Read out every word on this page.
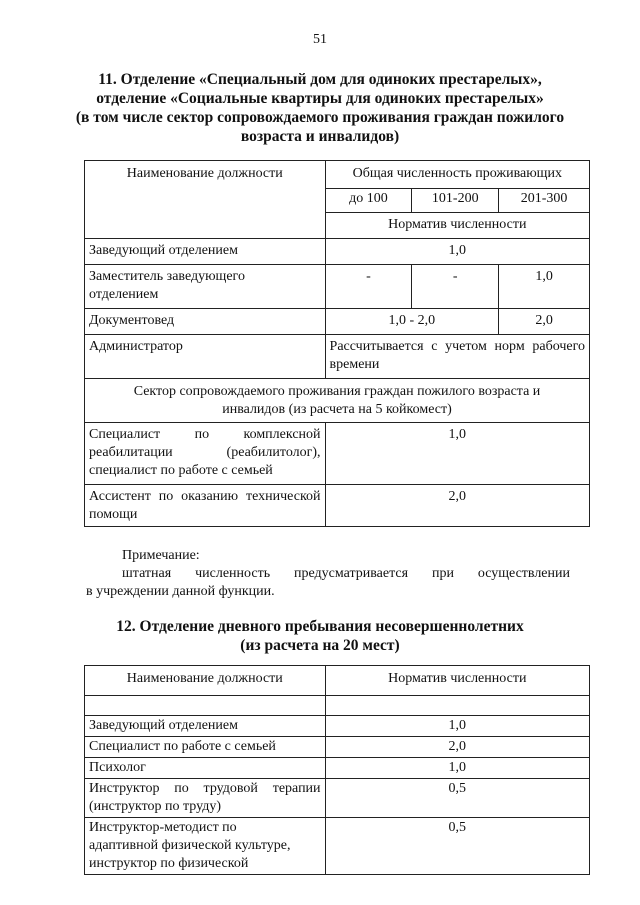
51
11. Отделение «Специальный дом для одиноких престарелых»,
отделение «Социальные квартиры для одиноких престарелых»
(в том числе сектор сопровождаемого проживания граждан пожилого
возраста и инвалидов)
Наименование должности	Общая численность проживающих		
	до 100	101-200	201-300
	Норматив численности		
Заведующий отделением	1,0		

Заместитель заведующего
отделением	-	-	1,0
Документовед	1,0 - 2,0		2,0
Администратор	Рассчитывается с учетом норм рабочего
времени		

Сектор сопровождаемого проживания граждан пожилого возраста и
инвалидов (из расчета на 5 койкомест)			

Специалист по комплексной
реабилитации (реабилитолог),
специалист по работе с семьей	1,0		

Ассистент по оказанию технической
помощи	2,0		
Примечание:
штатная численность предусматривается при осуществлении
в учреждении данной функции.
12. Отделение дневного пребывания несовершеннолетних
(из расчета на 20 мест)
Наименование должности	Норматив численности

Заведующий отделением	1,0

Специалист по работе с семьей	2,0

Психолог	1,0

Инструктор по трудовой терапии
(инструктор по труду)	0,5

Инструктор-методист по
адаптивной физической культуре,
инструктор по физической	0,5
